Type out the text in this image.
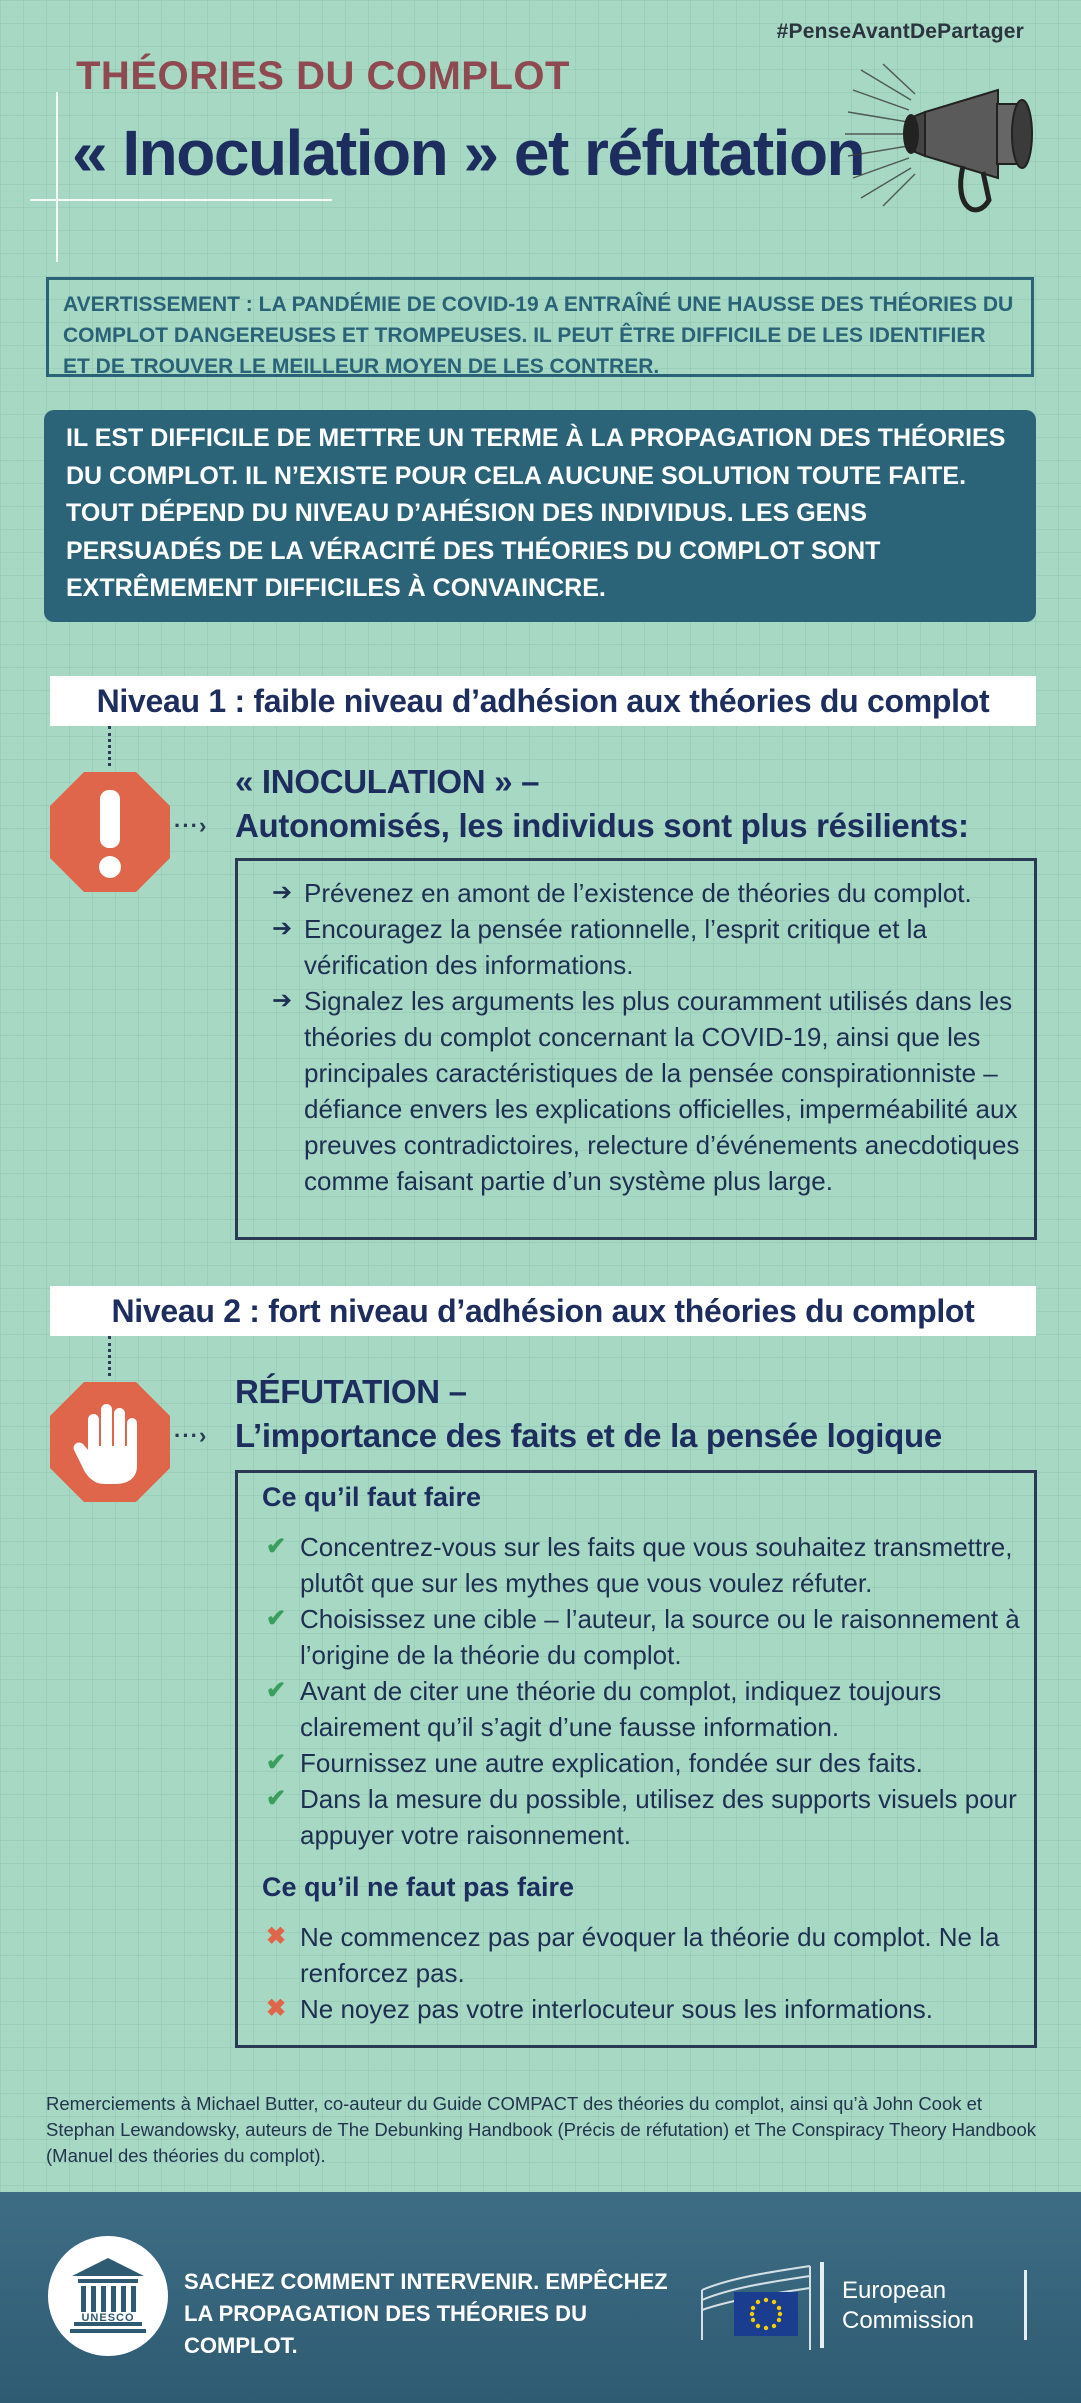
#PenseAvantDePartager
THÉORIES DU COMPLOT
« Inoculation » et réfutation
AVERTISSEMENT : LA PANDÉMIE DE COVID-19 A ENTRAÎNÉ UNE HAUSSE DES THÉORIES DU COMPLOT DANGEREUSES ET TROMPEUSES. IL PEUT ÊTRE DIFFICILE DE LES IDENTIFIER ET DE TROUVER LE MEILLEUR MOYEN DE LES CONTRER.
IL EST DIFFICILE DE METTRE UN TERME À LA PROPAGATION DES THÉORIES DU COMPLOT. IL N’EXISTE POUR CELA AUCUNE SOLUTION TOUTE FAITE. TOUT DÉPEND DU NIVEAU D’AHÉSION DES INDIVIDUS. LES GENS PERSUADÉS DE LA VÉRACITÉ DES THÉORIES DU COMPLOT SONT EXTRÊMEMENT DIFFICILES À CONVAINCRE.
Niveau 1 : faible niveau d’adhésion aux théories du complot
···›
« INOCULATION » –
Autonomisés, les individus sont plus résilients:
➔ Prévenez en amont de l’existence de théories du complot.
➔ Encouragez la pensée rationnelle, l’esprit critique et la vérification des informations.
➔ Signalez les arguments les plus couramment utilisés dans les théories du complot concernant la COVID-19, ainsi que les principales caractéristiques de la pensée conspirationniste – défiance envers les explications officielles, imperméabilité aux preuves contradictoires, relecture d’événements anecdotiques comme faisant partie d’un système plus large.
Niveau 2 : fort niveau d’adhésion aux théories du complot
···›
RÉFUTATION –
L’importance des faits et de la pensée logique
Ce qu’il faut faire
✔ Concentrez-vous sur les faits que vous souhaitez transmettre, plutôt que sur les mythes que vous voulez réfuter.
✔ Choisissez une cible – l’auteur, la source ou le raisonnement à l’origine de la théorie du complot.
✔ Avant de citer une théorie du complot, indiquez toujours clairement qu’il s’agit d’une fausse information.
✔ Fournissez une autre explication, fondée sur des faits.
✔ Dans la mesure du possible, utilisez des supports visuels pour appuyer votre raisonnement.
Ce qu’il ne faut pas faire
✖ Ne commencez pas par évoquer la théorie du complot. Ne la renforcez pas.
✖ Ne noyez pas votre interlocuteur sous les informations.
Remerciements à Michael Butter, co-auteur du Guide COMPACT des théories du complot, ainsi qu’à John Cook et Stephan Lewandowsky, auteurs de The Debunking Handbook (Précis de réfutation) et The Conspiracy Theory Handbook (Manuel des théories du complot).
UNESCO
SACHEZ COMMENT INTERVENIR. EMPÊCHEZ LA PROPAGATION DES THÉORIES DU COMPLOT.
European
Commission
